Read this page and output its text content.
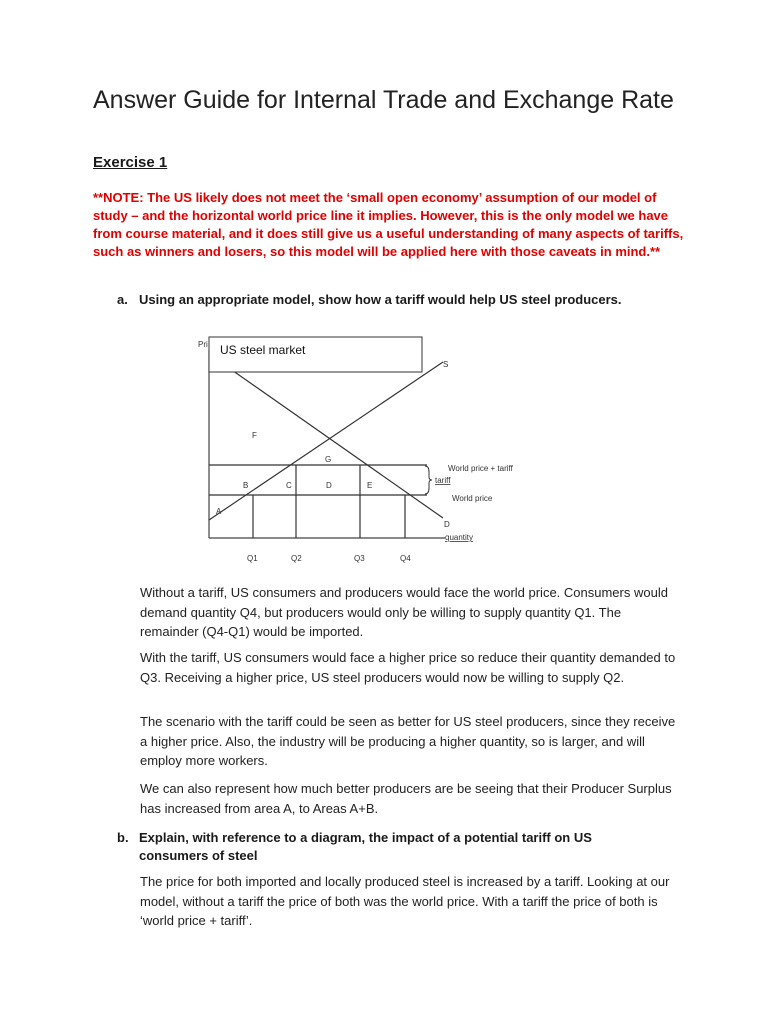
Answer Guide for Internal Trade and Exchange Rate
Exercise 1

**NOTE: The US likely does not meet the ‘small open economy’ assumption of our model of study – and the horizontal world price line it implies. However, this is the only model we have from course material, and it does still give us a useful understanding of many aspects of tariffs, such as winners and losers, so this model will be applied here with those caveats in mind.**

a. Using an appropriate model, show how a tariff would help US steel producers.
Pri US steel market
S
D
quantity
World price + tariff
tariff
World price
A
B	C	D	E
F
G
Q1	Q2	Q3	Q4

Without a tariff, US consumers and producers would face the world price. Consumers would demand quantity Q4, but producers would only be willing to supply quantity Q1. The remainder (Q4-Q1) would be imported.

With the tariff, US consumers would face a higher price so reduce their quantity demanded to Q3. Receiving a higher price, US steel producers would now be willing to supply Q2.

The scenario with the tariff could be seen as better for US steel producers, since they receive a higher price. Also, the industry will be producing a higher quantity, so is larger, and will employ more workers.

We can also represent how much better producers are be seeing that their Producer Surplus has increased from area A, to Areas A+B.

b. Explain, with reference to a diagram, the impact of a potential tariff on US consumers of steel

The price for both imported and locally produced steel is increased by a tariff. Looking at our model, without a tariff the price of both was the world price. With a tariff the price of both is ‘world price + tariff’.
